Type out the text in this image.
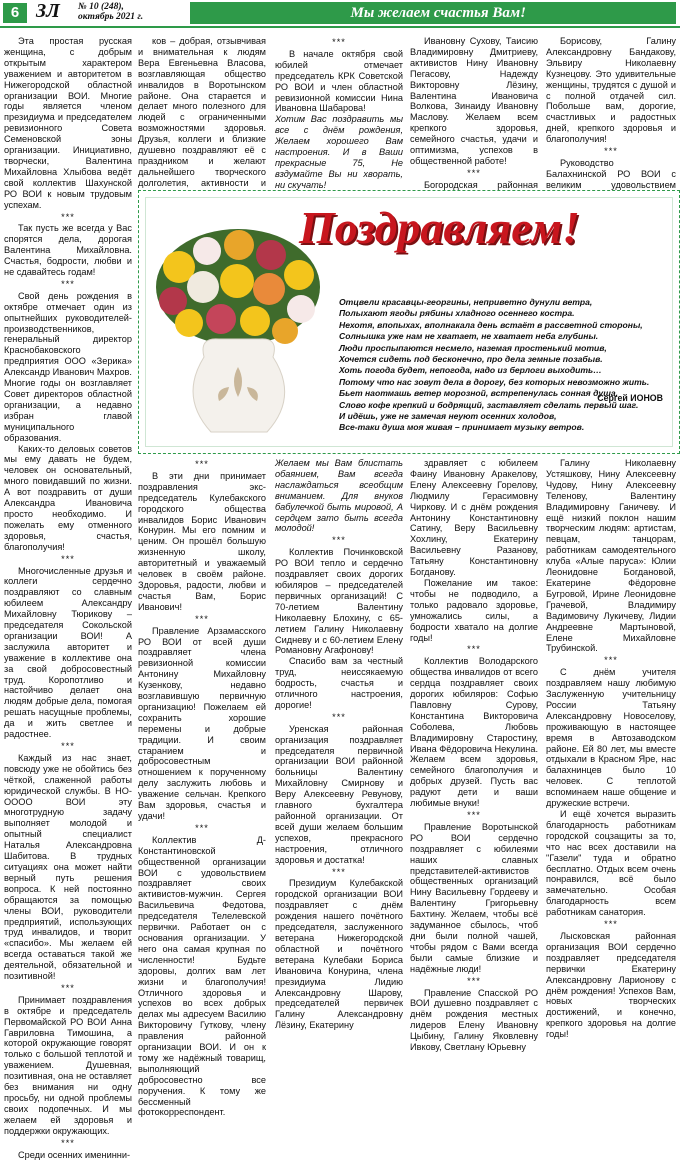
6 ЗЛ № 10 (248),
октябрь 2021 г.	Мы желаем счастья Вам!

Эта простая русская женщина, с добрым открытым характером уважением и авторитетом в Нижегородской областной организации ВОИ. Многие годы является членом президиума и председателем ревизионного Совета Семеновской зоны организации. Инициативно, творчески, Валентина Михайловна Хлыбова ведёт свой коллектив Шахунской РО ВОИ к новым трудовым успехам.

***

Так пусть же всегда у Вас спорятся дела, дорогая Валентина Михайловна. Счастья, бодрости, любви и не сдавайтесь годам!

***

Свой день рождения в октябре отмечает один из опытнейших руководителей-производственников, генеральный директор Краснобаковского предприятия ООО «Зерика» Александр Иванович Махров. Многие годы он возглавляет Совет директоров областной организации, а недавно избран главой муниципального образования.

Каких-то деловых советов мы ему давать не будем, человек он основательный, много повидавший по жизни. А вот поздравить от души Александра Ивановича просто необходимо. И пожелать ему отменного здоровья, счастья, благополучия!

***

Многочисленные друзья и коллеги сердечно поздравляют со славным юбилеем Александру Михайловну Тюрикову – председателя Сокольской организации ВОИ! А заслужила авторитет и уважение в коллективе она за свой добросовестный труд. Коропотливо и настойчиво делает она людям добрые дела, помогая решать насущные проблемы, да и жить светлее и радостнее.

***

Каждый из нас знает, повсюду уже не обойтись без чёткой, слаженной работы юридической службы. В НО-ОООО ВОИ эту многотрудную задачу выполняет молодой и опытный специалист Наталья Александровна Шабитова. В трудных ситуациях она может найти верный путь решения вопроса. К ней постоянно обращаются за помощью члены ВОИ, руководители предприятий, использующих труд инвалидов, и творит «спасибо». Мы желаем ей всегда оставаться такой же деятельной, обязательной и позитивной!

***

Принимает поздравления в октябре и председатель Первомайской РО ВОИ Анна Гавриловна Тимошина, а которой окружающие говорят только с большой теплотой и уважением. Душевная, позитивная, она не оставляет без внимания ни одну просьбу, ни одной проблемы своих подопечных. И мы желаем ей здоровья и поддержки окружающих.

***

Среди осенних именинни-

ков – добрая, отзывчивая и внимательная к людям Вера Евгеньевна Власова, возглавляющая общество инвалидов в Воротынском районе. Она старается и делает много полезного для людей с ограниченными возможностями здоровья. Друзья, коллеги и близкие душевно поздравляют её с праздником и желают дальнейшего творческого долголетия, активности и

***

В начале октября свой юбилей отмечает председатель КРК Советской РО ВОИ и член областной ревизионной комиссии Нина Ивановна Шабарова!

Хотим Вас поздравить мы все с днём рождения, Желаем хорошего Вам настроения. И в Ваши прекрасные 75, Не вздумайте Вы ни хворать, ни скучать!

Ивановну Сухову, Таисию Владимировну Дмитриеву, активистов Нину Ивановну Пегасову, Надежду Викторовну Лёзину, Валентина Ивановича Волкова, Зинаиду Ивановну Маслову. Желаем всем крепкого здоровья, семейного счастья, удачи и оптимизма, успехов в общественной работе!

***

Богородская районная

Борисову, Галину Александровну Бандакову, Эльвиру Николаевну Кузнецову. Это удивительные женщины, трудятся с душой и с полной отдачей сил. Побольше вам, дорогие, счастливых и радостных дней, крепкого здоровья и благополучия!

***

Руководство Балахнинской РО ВОИ с великим удовольствием

Поздравляем!
Отцвели красавцы-георгины, неприветно дунули ветра,
Полыхают ягоды рябины хладного осеннего костра.
Нехотя, впопыхах, вполнакала день встаёт в рассветной стороны,
Солнышка уже нам не хватает, не хватает неба глубины.
Люди проспыпаются несмело, наземая простенький мотив,
Хочется сидеть под бесконечно, про дела земные позабыв.
Хоть погода будет, непогода, надо из берлоги выходить…
Потому что нас зовут дела в дорогу, без которых невозможно жить.
Бьет наотмашь ветер морозной, встрепенулась сонная душа.
Слово кофе крепкий и бодрящий, заставляет сделать первый шаг.
И идёшь, уже не замечая неуют осенних холодов,
Все-таки душа моя живая – принимает музыку ветров.
Сергей ИОНОВ

***

В эти дни принимает поздравления экс-председатель Кулебакского городского общества инвалидов Борис Иванович Конурин. Мы его помним и ценим. Он прошёл большую жизненную школу, авторитетный и уважаемый человек в своём районе. Здоровья, радости, любви и счастья Вам, Борис Иванович!

***

Правление Арзамасского РО ВОИ от всей души поздравляет члена ревизионной комиссии Антонину Михайловну Кузенкову, недавно возглавившую первичную организацию! Пожелаем ей сохранить хорошие перемены и добрые традиции. И своим старанием и добросовестным отношением к порученному делу заслужить любовь и уважение сельчан. Крепкого Вам здоровья, счастья и удачи!

***

Коллектив Д-Константиновской общественной организации ВОИ с удовольствием поздравляет своих активистов-мужчин. Сергея Васильевича Федотова, председателя Телелевской первички. Работает он с основания организации. У него она самая крупная по численности! Будьте здоровы, долгих вам лет жизни и благополучия! Отличного здоровья и успехов во всех добрых делах мы адресуем Василию Викторовичу Гуткову, члену правления районной организации ВОИ. И он к тому же надёжный товарищ, выполняющий добросовестно все поручения. К тому же бессменный фотокорреспондент.

Желаем мы Вам блистать обаянием, Вам всегда наслаждаться всеобщим вниманием. Для внуков бабулечкой быть мировой, А сердцем зато быть всегда молодой!

***

Коллектив Починковской РО ВОИ тепло и сердечно поздравляет своих дорогих юбиляров – председателей первичных организаций! С 70-летием Валентину Николаевну Блохину, с 65-летием Галину Николаевну Сидневу и с 60-летием Елену Романовну Агафонову!

Спасибо вам за честный труд, неиссякаемую бодрость, счастья и отличного настроения, дорогие!

***

Уренская районная организация поздравляет председателя первичной организации ВОИ районной больницы Валентину Михайловну Смирнову и Веру Алексеевну Ревунову, главного бухгалтера районной организации. От всей души желаем большим успехов, прекрасного настроения, отличного здоровья и достатка!

***

Президиум Кулебакской городской организации ВОИ поздравляет с днём рождения нашего почётного председателя, заслуженного ветерана Нижегородской областной и почётного ветерана Кулебаки Бориса Ивановича Конурина, члена президиума Лидию Александровну Шарову, председателей первичек Галину Александровну Лёзину, Екатерину

здравляет с юбилеем Фаину Ивановну Аракелову, Елену Алексеевну Горелову, Людмилу Герасимовну Чиркову. И с днём рождения Антонину Константиновну Сатину, Веру Васильевну Хохлину, Екатерину Васильевну Разанову, Татьяну Константиновну Богданову.

Пожелание им такое: чтобы не подводило, а только радовало здоровье, умножались силы, а бодрости хватало на долгие годы!

***

Коллектив Володарского общества инвалидов от всего сердца поздравляет своих дорогих юбиляров: Софью Павловну Сурову, Константина Викторовича Соболева, Любовь Владимировну Старостину, Ивана Фёдоровича Некулина. Желаем всем здоровья, семейного благополучия и добрых друзей. Пусть вас радуют дети и ваши любимые внуки!

***

Правление Воротынской РО ВОИ сердечно поздравляет с юбилеями наших славных представителей-активистов общественных организаций Нину Васильевну Гордееву и Валентину Григорьевну Бахтину. Желаем, чтобы всё задуманное сбылось, чтоб дни были полной чашей, чтобы рядом с Вами всегда были самые близкие и надёжные люди!

***

Правление Спасской РО ВОИ душевно поздравляет с днём рождения местных лидеров Елену Ивановну Цыбину, Галину Яковлевну Ивкову, Светлану Юрьевну

Галину Николаевну Устяшкову, Нину Алексеевну Чудову, Нину Алексеевну Теленову, Валентину Владимировну Ганичеву. И ещё низкий поклон нашим творческим людям: артистам, певцам, танцорам, работникам самодеятельного клуба «Алые паруса»: Юлии Леонидовне Богдановой, Екатерине Фёдоровне Бугровой, Ирине Леонидовне Грачевой, Владимиру Вадимовичу Лукичеву, Лидии Андреевне Мартыновой, Елене Михайловне Трубинской.

***

С днём учителя поздравляем нашу любимую Заслуженную учительницу России Татьяну Александровну Новоселову, проживающую в настоящее время в Автозаводском районе. Ей 80 лет, мы вместе отдыхали в Красном Яре, нас балахнинцев было 10 человек. С теплотой вспоминаем наше общение и дружеские встречи.

И ещё хочется выразить благодарность работникам городской соцзащиты за то, что нас всех доставили на "Газели" туда и обратно бесплатно. Отдых всем очень понравился, всё было замечательно. Особая благодарность всем работникам санатория.

***

Лысковская районная организация ВОИ сердечно поздравляет председателя первички Екатерину Александровну Ларионову с днём рождения! Успехов Вам, новых творческих достижений, и конечно, крепкого здоровья на долгие годы!
